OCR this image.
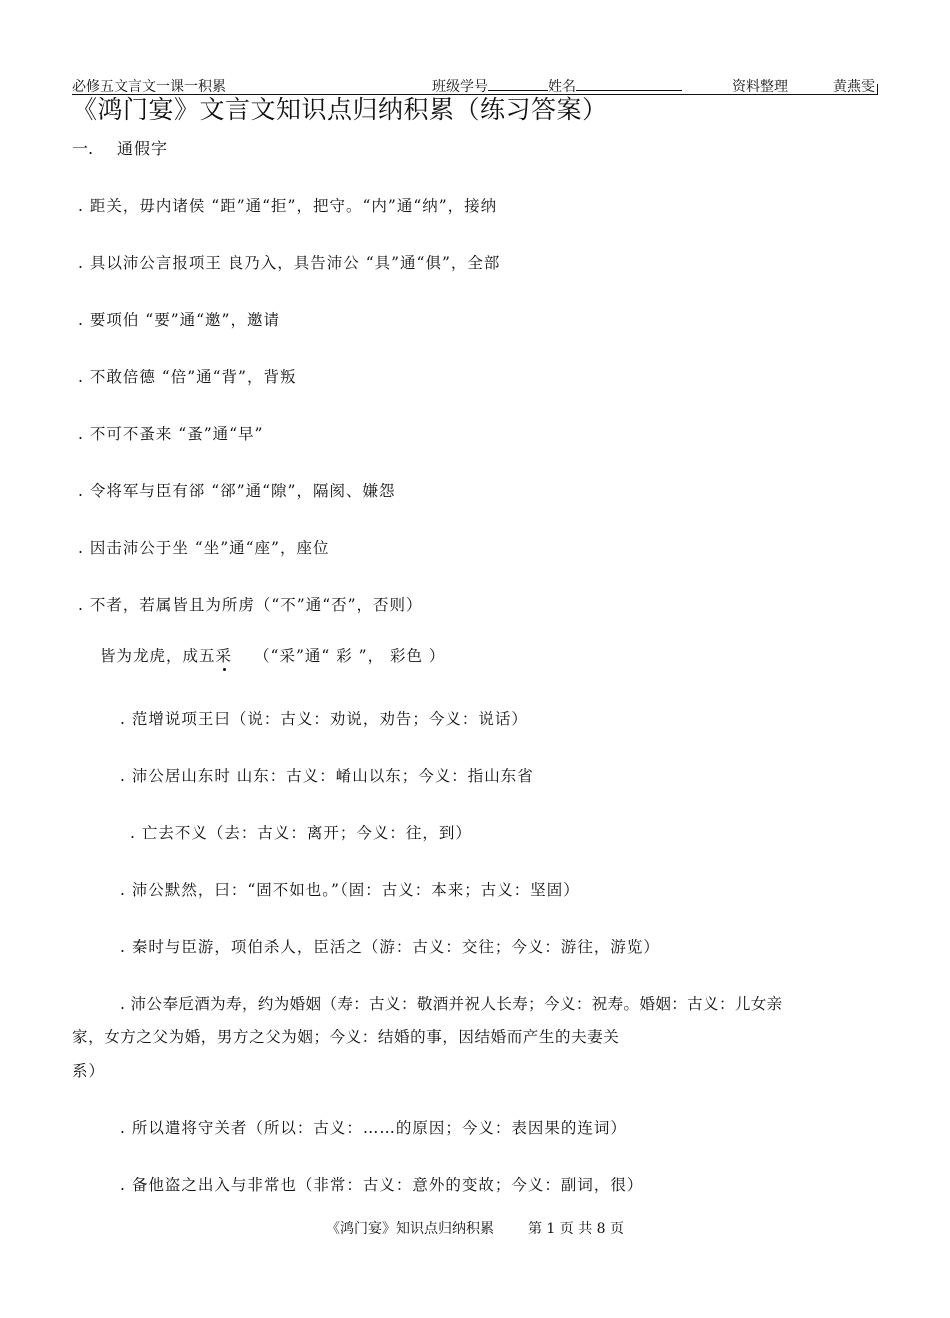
必修五文言文一课一积累	班级学号	姓名	资料整理	黄燕雯
《鸿门宴》文言文知识点归纳积累（练习答案）
一. 通假字
. 距关，毋内诸侯 “距”通“拒”，把守。“内”通“纳”，接纳
. 具以沛公言报项王 良乃入，具告沛公 “具”通“俱”，全部
. 要项伯 “要”通“邀”，邀请
. 不敢倍德 “倍”通“背”，背叛
. 不可不蚤来 “蚤”通“早”
. 令将军与臣有郤 “郤”通“隙”，隔阂、嫌怨
. 因击沛公于坐 “坐”通“座”，座位
. 不者，若属皆且为所虏（“不”通“否”，否则）
皆为龙虎，成五采 （“采”通“ 彩 ”， 彩色 ）
. 范增说项王曰（说：古义：劝说，劝告；今义：说话）
. 沛公居山东时 山东：古义：崤山以东；今义：指山东省
. 亡去不义（去：古义：离开；今义：往，到）
. 沛公默然，曰：“固不如也。”（固：古义：本来；古义：坚固）
. 秦时与臣游，项伯杀人，臣活之（游：古义：交往；今义：游往，游览）
. 沛公奉卮酒为寿，约为婚姻（寿：古义：敬酒并祝人长寿；今义：祝寿。婚姻：古义：儿女亲
家，女方之父为婚，男方之父为姻；今义：结婚的事，因结婚而产生的夫妻关
系）
. 所以遣将守关者（所以：古义：……的原因；今义：表因果的连词）
. 备他盗之出入与非常也（非常：古义：意外的变故；今义：副词，很）
《鸿门宴》知识点归纳积累 第 1 页 共 8 页
